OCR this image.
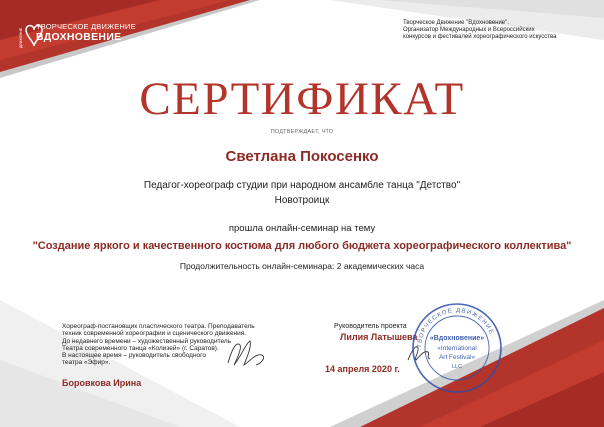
ДВИЖЕНИЕ
ТВОРЧЕСКОЕ ДВИЖЕНИЕ
ВДОХНОВЕНИЕ
Творческое Движение "Вдохновение".
Организатор Международных и Всероссийских
конкурсов и фестивалей хореографического искусства
СЕРТИФИКАТ
ПОДТВЕРЖДАЕТ, ЧТО
Светлана Покосенко
Педагог-хореограф студии при народном ансамбле танца "Детство"
Новотроицк
прошла онлайн-семинар на тему
"Создание яркого и качественного костюма для любого бюджета хореографического коллектива"
Продолжительность онлайн-семинара: 2 академических часа
Хореограф-постановщик пластического театра. Преподаватель
техник современной хореографии и сценического движения.
До недавнего времени – художественный руководитель
Театра современного танца «Колизей» (г. Саратов).
В настоящее время – руководитель свободного
театра «Эфир».
Боровкова Ирина
Руководитель проекта
Лилия Латышева
14 апреля 2020 г.
ТВОРЧЕСКОЕ ДВИЖЕНИЕ
«Вдохновение»
«International
Art Festival»
LLC
